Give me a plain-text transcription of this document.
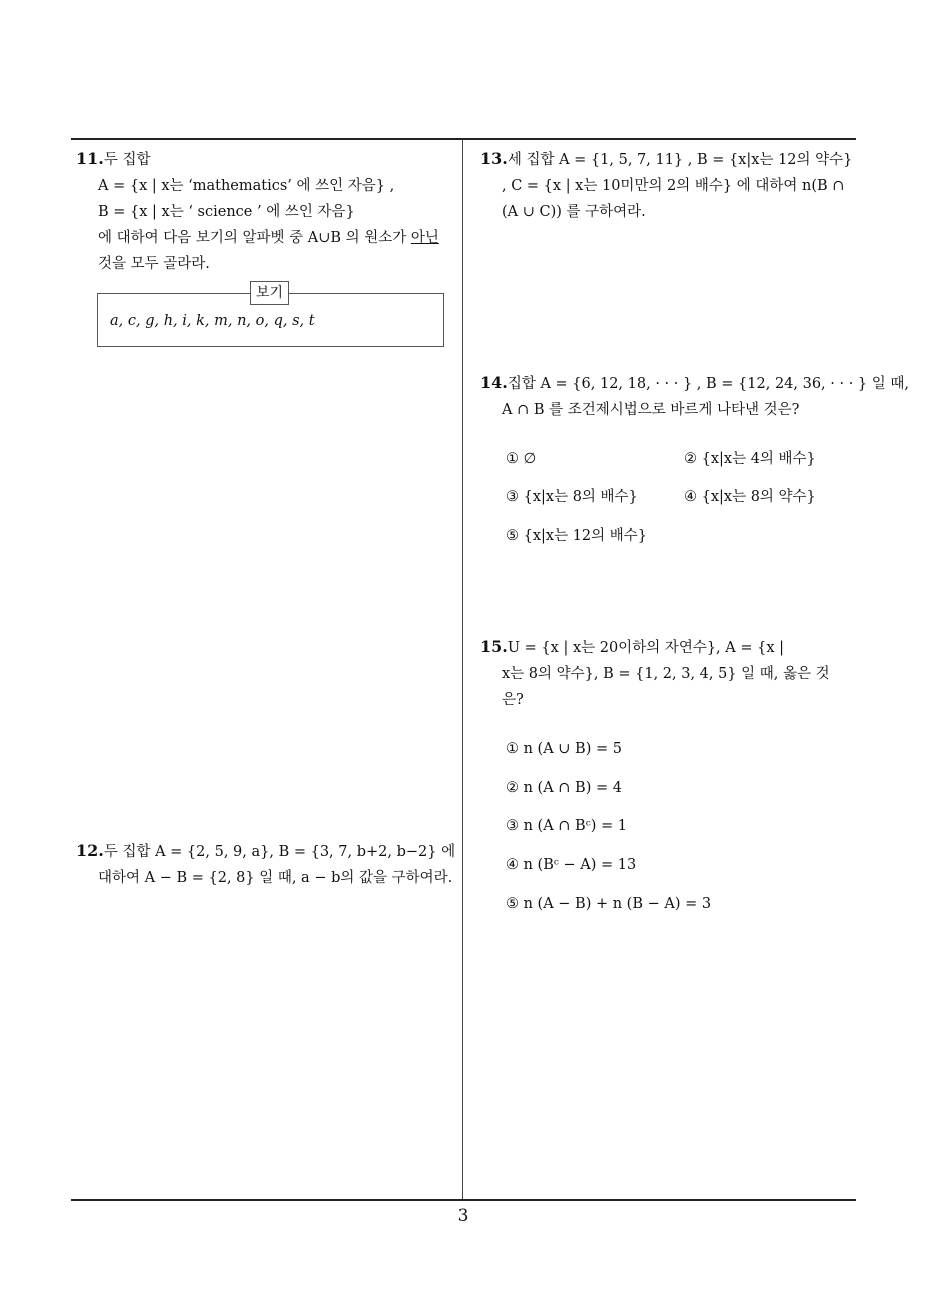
11.두 집합
A = {x | x는 ‘mathematics’ 에 쓰인 자음} ,
B = {x | x는 ‘ science ’ 에 쓰인 자음}
에 대하여 다음 보기의 알파벳 중 A∪B 의 원소가 아닌
것을 모두 골라라.
보기
a, c, g, h, i, k, m, n, o, q, s, t
12.두 집합 A = {2, 5, 9, a}, B = {3, 7, b+2, b−2} 에
대하여 A − B = {2, 8} 일 때, a − b의 값을 구하여라.
13.세 집합 A = {1, 5, 7, 11} , B = {x|x는 12의 약수}
, C = {x | x는 10미만의 2의 배수} 에 대하여 n(B ∩
(A ∪ C)) 를 구하여라.
14.집합 A = {6, 12, 18, · · · } , B = {12, 24, 36, · · · } 일 때,
A ∩ B 를 조건제시법으로 바르게 나타낸 것은?
① ∅	② {x|x는 4의 배수}
③ {x|x는 8의 배수}	④ {x|x는 8의 약수}
⑤ {x|x는 12의 배수}
15.U = {x | x는 20이하의 자연수}, A = {x |
x는 8의 약수}, B = {1, 2, 3, 4, 5} 일 때, 옳은 것
은?
① n (A ∪ B) = 5
② n (A ∩ B) = 4
③ n (A ∩ Bᶜ) = 1
④ n (Bᶜ − A) = 13
⑤ n (A − B) + n (B − A) = 3
3
